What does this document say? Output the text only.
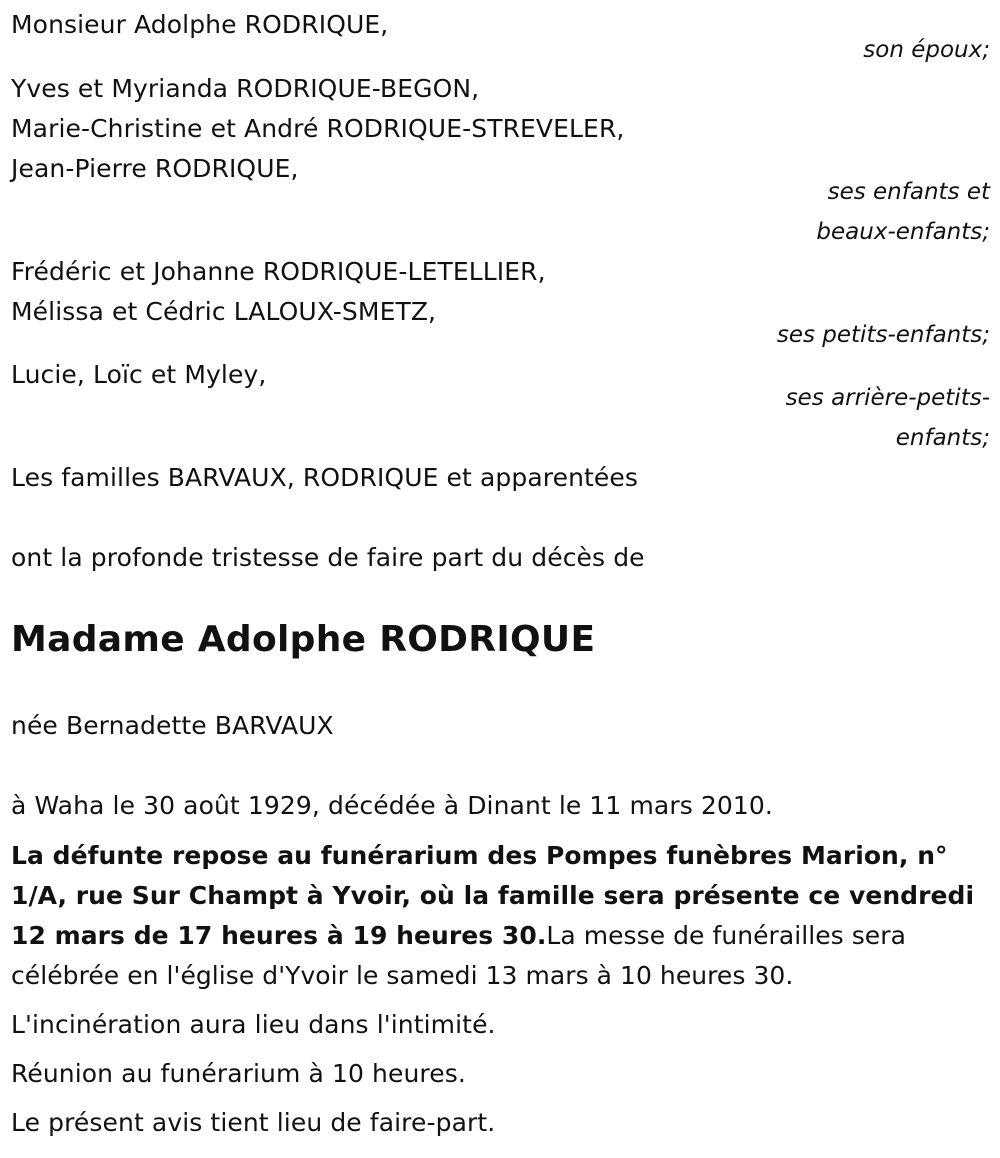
Monsieur Adolphe RODRIQUE,
son époux;
Yves et Myrianda RODRIQUE-BEGON,
Marie-Christine et André RODRIQUE-STREVELER,
Jean-Pierre RODRIQUE,
ses enfants et
beaux-enfants;
Frédéric et Johanne RODRIQUE-LETELLIER,
Mélissa et Cédric LALOUX-SMETZ,
ses petits-enfants;
Lucie, Loïc et Myley,
ses arrière-petits-
enfants;
Les familles BARVAUX, RODRIQUE et apparentées
ont la profonde tristesse de faire part du décès de
Madame Adolphe RODRIQUE
née Bernadette BARVAUX
à Waha le 30 août 1929, décédée à Dinant le 11 mars 2010.
La défunte repose au funérarium des Pompes funèbres Marion, n° 1/A, rue Sur Champt à Yvoir, où la famille sera présente ce vendredi 12 mars de 17 heures à 19 heures 30.La messe de funérailles sera célébrée en l'église d'Yvoir le samedi 13 mars à 10 heures 30.
L'incinération aura lieu dans l'intimité.
Réunion au funérarium à 10 heures.
Le présent avis tient lieu de faire-part.
